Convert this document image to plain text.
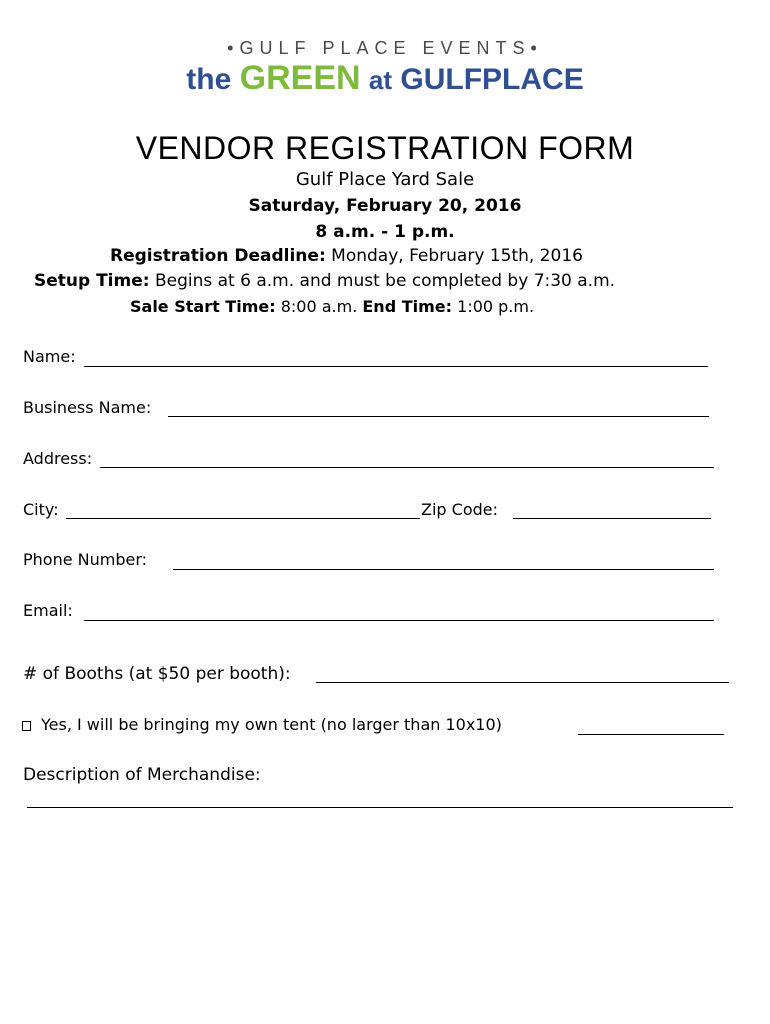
•GULF PLACE EVENTS•
the GREEN at GULFPLACE
VENDOR REGISTRATION FORM
Gulf Place Yard Sale
Saturday, February 20, 2016
8 a.m. - 1 p.m.
Registration Deadline: Monday, February 15th, 2016
Setup Time: Begins at 6 a.m. and must be completed by 7:30 a.m.
Sale Start Time: 8:00 a.m. End Time: 1:00 p.m.
Name:
Business Name:
Address:
City:	Zip Code:
Phone Number:
Email:
# of Booths (at $50 per booth):
Yes, I will be bringing my own tent (no larger than 10x10)
Description of Merchandise:
